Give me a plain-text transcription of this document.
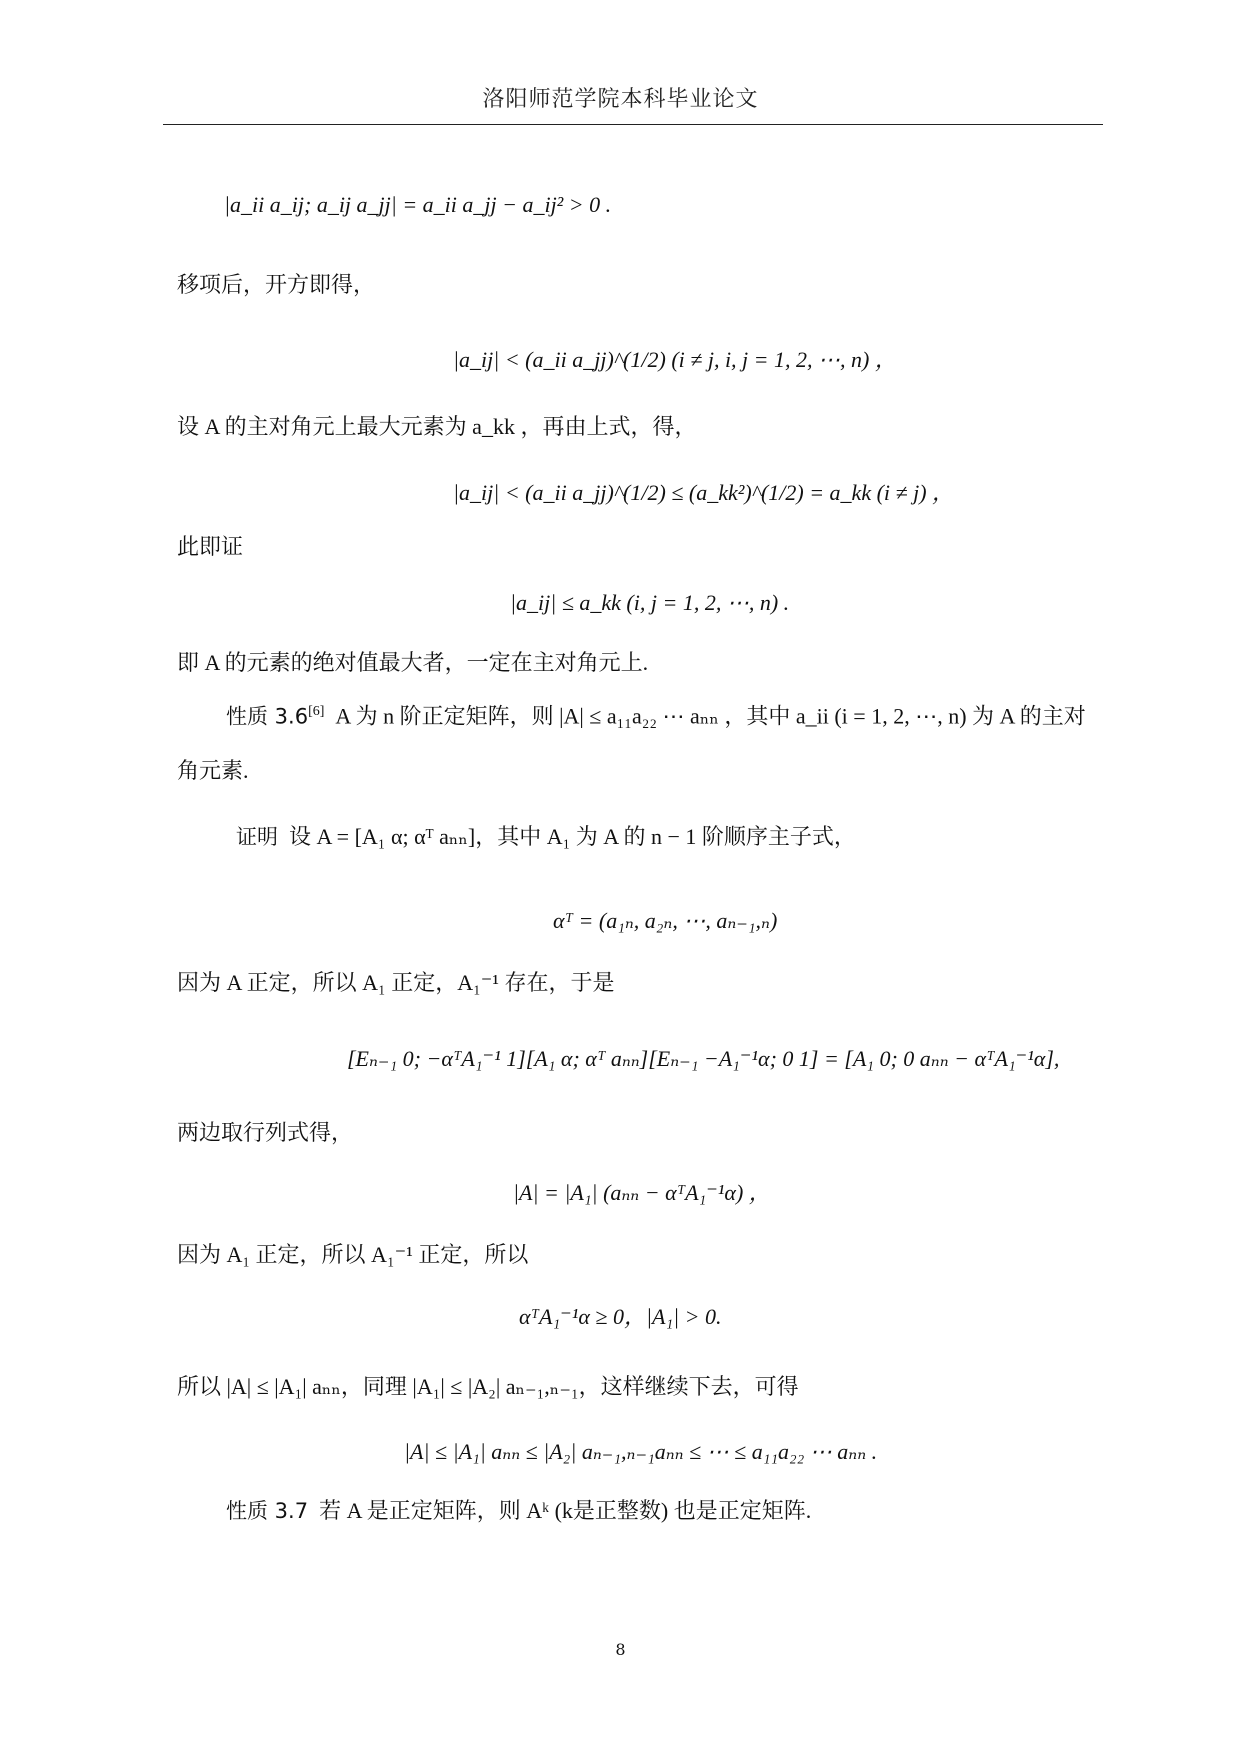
洛阳师范学院本科毕业论文
|a_ii a_ij; a_ij a_jj| = a_ii a_jj − a_ij² > 0 .
移项后，开方即得，
|a_ij| < (a_ii a_jj)^(1/2) (i ≠ j, i, j = 1, 2, ⋯, n) ，
设 A 的主对角元上最大元素为 a_kk ，再由上式，得，
|a_ij| < (a_ii a_jj)^(1/2) ≤ (a_kk²)^(1/2) = a_kk (i ≠ j) ，
此即证
|a_ij| ≤ a_kk (i, j = 1, 2, ⋯, n) .
即 A 的元素的绝对值最大者，一定在主对角元上.
性质 3.6[6] A 为 n 阶正定矩阵，则 |A| ≤ a₁₁a₂₂ ⋯ aₙₙ ，其中 a_ii (i = 1, 2, ⋯, n) 为 A 的主对
角元素.
证明 设 A = [A₁ α; αᵀ aₙₙ]，其中 A₁ 为 A 的 n − 1 阶顺序主子式，
αᵀ = (a₁ₙ, a₂ₙ, ⋯, aₙ₋₁,ₙ)
因为 A 正定，所以 A₁ 正定，A₁⁻¹ 存在，于是
[Eₙ₋₁ 0; −αᵀA₁⁻¹ 1][A₁ α; αᵀ aₙₙ][Eₙ₋₁ −A₁⁻¹α; 0 1] = [A₁ 0; 0 aₙₙ − αᵀA₁⁻¹α],
两边取行列式得，
|A| = |A₁| (aₙₙ − αᵀA₁⁻¹α) ，
因为 A₁ 正定，所以 A₁⁻¹ 正定，所以
αᵀA₁⁻¹α ≥ 0，|A₁| > 0.
所以 |A| ≤ |A₁| aₙₙ，同理 |A₁| ≤ |A₂| aₙ₋₁,ₙ₋₁，这样继续下去，可得
|A| ≤ |A₁| aₙₙ ≤ |A₂| aₙ₋₁,ₙ₋₁aₙₙ ≤ ⋯ ≤ a₁₁a₂₂ ⋯ aₙₙ .
性质 3.7 若 A 是正定矩阵，则 Aᵏ (k是正整数) 也是正定矩阵.
8
